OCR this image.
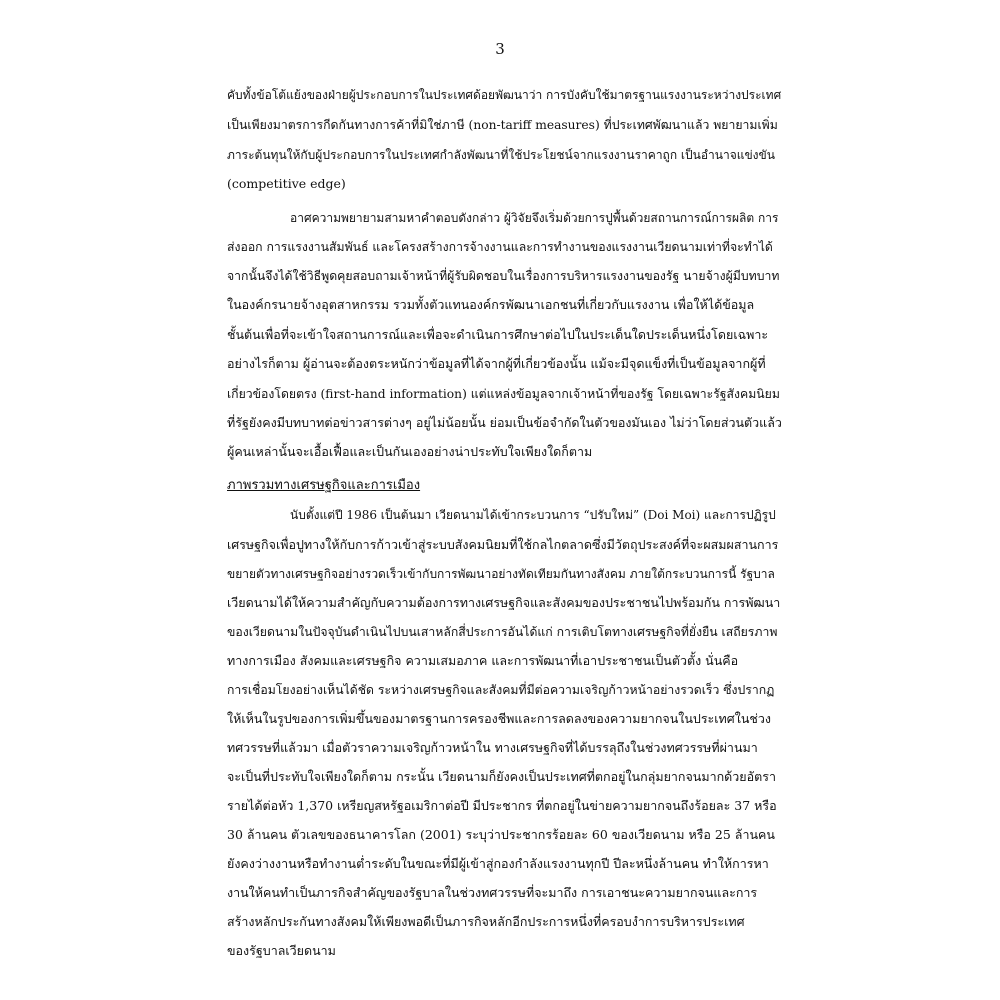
3
คับทั้งข้อโต้แย้งของฝ่ายผู้ประกอบการในประเทศด้อยพัฒนาว่า การบังคับใช้มาตรฐานแรงงานระหว่างประเทศ
เป็นเพียงมาตรการกีดกันทางการค้าที่มิใช่ภาษี (non-tariff measures) ที่ประเทศพัฒนาแล้ว พยายามเพิ่ม
ภาระต้นทุนให้กับผู้ประกอบการในประเทศกำลังพัฒนาที่ใช้ประโยชน์จากแรงงานราคาถูก เป็นอำนาจแข่งขัน
(competitive edge)
อาศความพยายามสามหาคำตอบดังกล่าว ผู้วิจัยจึงเริ่มด้วยการปูพื้นด้วยสถานการณ์การผลิต การ
ส่งออก การแรงงานสัมพันธ์ และโครงสร้างการจ้างงานและการทำงานของแรงงานเวียดนามเท่าที่จะทำได้
จากนั้นจึงได้ใช้วิธีพูดคุยสอบถามเจ้าหน้าที่ผู้รับผิดชอบในเรื่องการบริหารแรงงานของรัฐ นายจ้างผู้มีบทบาท
ในองค์กรนายจ้างอุตสาหกรรม รวมทั้งตัวแทนองค์กรพัฒนาเอกชนที่เกี่ยวกับแรงงาน เพื่อให้ได้ข้อมูล
ชั้นต้นเพื่อที่จะเข้าใจสถานการณ์และเพื่อจะดำเนินการศึกษาต่อไปในประเด็นใดประเด็นหนึ่งโดยเฉพาะ
อย่างไรก็ตาม ผู้อ่านจะต้องตระหนักว่าข้อมูลที่ได้จากผู้ที่เกี่ยวข้องนั้น แม้จะมีจุดแข็งที่เป็นข้อมูลจากผู้ที่
เกี่ยวข้องโดยตรง (first-hand information) แต่แหล่งข้อมูลจากเจ้าหน้าที่ของรัฐ โดยเฉพาะรัฐสังคมนิยม
ที่รัฐยังคงมีบทบาทต่อข่าวสารต่างๆ อยู่ไม่น้อยนั้น ย่อมเป็นข้อจำกัดในตัวของมันเอง ไม่ว่าโดยส่วนตัวแล้ว
ผู้คนเหล่านั้นจะเอื้อเฟื้อและเป็นกันเองอย่างน่าประทับใจเพียงใดก็ตาม
ภาพรวมทางเศรษฐกิจและการเมือง
นับตั้งแต่ปี 1986 เป็นต้นมา เวียดนามได้เข้ากระบวนการ “ปรับใหม่” (Doi Moi) และการปฏิรูป
เศรษฐกิจเพื่อปูทางให้กับการก้าวเข้าสู่ระบบสังคมนิยมที่ใช้กลไกตลาดซึ่งมีวัตถุประสงค์ที่จะผสมผสานการ
ขยายตัวทางเศรษฐกิจอย่างรวดเร็วเข้ากับการพัฒนาอย่างทัดเทียมกันทางสังคม ภายใต้กระบวนการนี้ รัฐบาล
เวียดนามได้ให้ความสำคัญกับความต้องการทางเศรษฐกิจและสังคมของประชาชนไปพร้อมกัน การพัฒนา
ของเวียดนามในปัจจุบันดำเนินไปบนเสาหลักสี่ประการอันได้แก่ การเติบโตทางเศรษฐกิจที่ยั่งยืน เสถียรภาพ
ทางการเมือง สังคมและเศรษฐกิจ ความเสมอภาค และการพัฒนาที่เอาประชาชนเป็นตัวตั้ง นั่นคือ
การเชื่อมโยงอย่างเห็นได้ชัด ระหว่างเศรษฐกิจและสังคมที่มีต่อความเจริญก้าวหน้าอย่างรวดเร็ว ซึ่งปรากฏ
ให้เห็นในรูปของการเพิ่มขึ้นของมาตรฐานการครองชีพและการลดลงของความยากจนในประเทศในช่วง
ทศวรรษที่แล้วมา เมื่อตัวราความเจริญก้าวหน้าใน ทางเศรษฐกิจที่ได้บรรลุถึงในช่วงทศวรรษที่ผ่านมา
จะเป็นที่ประทับใจเพียงใดก็ตาม กระนั้น เวียดนามก็ยังคงเป็นประเทศที่ตกอยู่ในกลุ่มยากจนมากด้วยอัตรา
รายได้ต่อหัว 1,370 เหรียญสหรัฐอเมริกาต่อปี มีประชากร ที่ตกอยู่ในข่ายความยากจนถึงร้อยละ 37 หรือ
30 ล้านคน ตัวเลขของธนาคารโลก (2001) ระบุว่าประชากรร้อยละ 60 ของเวียดนาม หรือ 25 ล้านคน
ยังคงว่างงานหรือทำงานต่ำระดับในขณะที่มีผู้เข้าสู่กองกำลังแรงงานทุกปี ปีละหนึ่งล้านคน ทำให้การหา
งานให้คนทำเป็นภารกิจสำคัญของรัฐบาลในช่วงทศวรรษที่จะมาถึง การเอาชนะความยากจนและการ
สร้างหลักประกันทางสังคมให้เพียงพอดีเป็นภารกิจหลักอีกประการหนึ่งที่ครอบงำการบริหารประเทศ
ของรัฐบาลเวียดนาม
